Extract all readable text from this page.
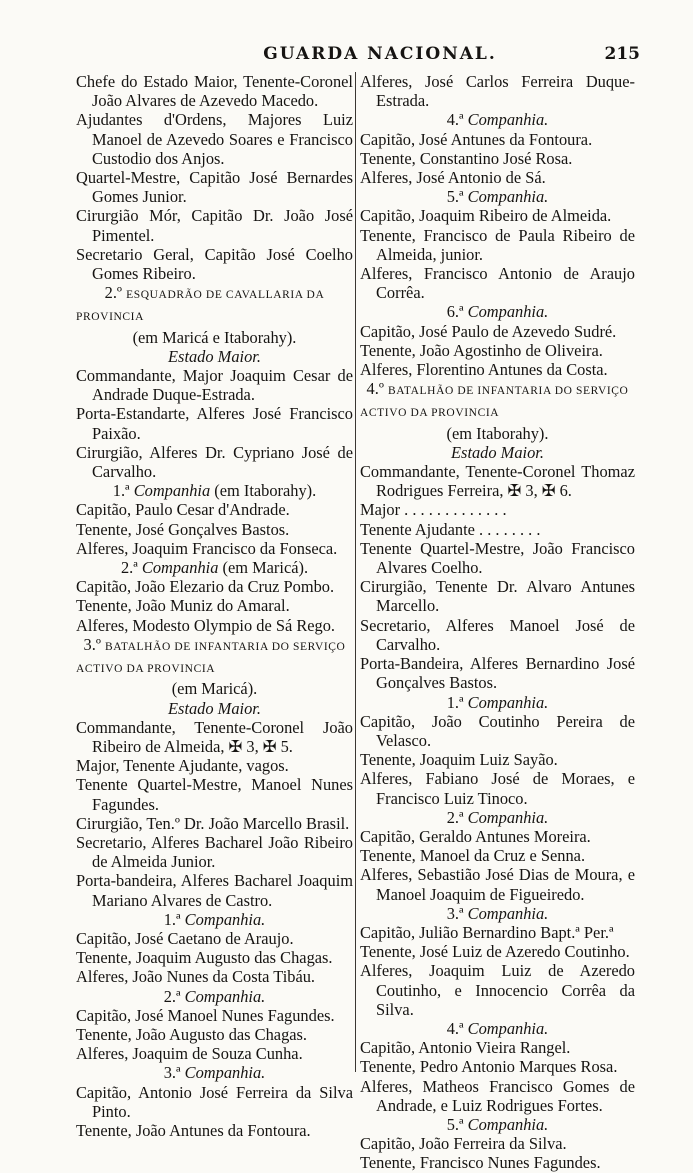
GUARDA NACIONAL.	215
Chefe do Estado Maior, Tenente-Coronel João Alvares de Azevedo Macedo.
Ajudantes d'Ordens, Majores Luiz Manoel de Azevedo Soares e Francisco Custodio dos Anjos.
Quartel-Mestre, Capitão José Bernardes Gomes Junior.
Cirurgião Mór, Capitão Dr. João José Pimentel.
Secretario Geral, Capitão José Coelho Gomes Ribeiro.
2.º ESQUADRÃO DE CAVALLARIA DA PROVINCIA
(em Maricá e Itaborahy).
Estado Maior.
Commandante, Major Joaquim Cesar de Andrade Duque-Estrada.
Porta-Estandarte, Alferes José Francisco Paixão.
Cirurgião, Alferes Dr. Cypriano José de Carvalho.
1.ª Companhia (em Itaborahy).
Capitão, Paulo Cesar d'Andrade.
Tenente, José Gonçalves Bastos.
Alferes, Joaquim Francisco da Fonseca.
2.ª Companhia (em Maricá).
Capitão, João Elezario da Cruz Pombo.
Tenente, João Muniz do Amaral.
Alferes, Modesto Olympio de Sá Rego.
3.º BATALHÃO DE INFANTARIA DO SERVIÇO ACTIVO DA PROVINCIA
(em Maricá).
Estado Maior.
Commandante, Tenente-Coronel João Ribeiro de Almeida, ✠ 3, ✠ 5.
Major, Tenente Ajudante, vagos.
Tenente Quartel-Mestre, Manoel Nunes Fagundes.
Cirurgião, Ten.º Dr. João Marcello Brasil.
Secretario, Alferes Bacharel João Ribeiro de Almeida Junior.
Porta-bandeira, Alferes Bacharel Joaquim Mariano Alvares de Castro.
1.ª Companhia.
Capitão, José Caetano de Araujo.
Tenente, Joaquim Augusto das Chagas.
Alferes, João Nunes da Costa Tibáu.
2.ª Companhia.
Capitão, José Manoel Nunes Fagundes.
Tenente, João Augusto das Chagas.
Alferes, Joaquim de Souza Cunha.
3.ª Companhia.
Capitão, Antonio José Ferreira da Silva Pinto.
Tenente, João Antunes da Fontoura.
Alferes, José Carlos Ferreira Duque-Estrada.
4.ª Companhia.
Capitão, José Antunes da Fontoura.
Tenente, Constantino José Rosa.
Alferes, José Antonio de Sá.
5.ª Companhia.
Capitão, Joaquim Ribeiro de Almeida.
Tenente, Francisco de Paula Ribeiro de Almeida, junior.
Alferes, Francisco Antonio de Araujo Corrêa.
6.ª Companhia.
Capitão, José Paulo de Azevedo Sudré.
Tenente, João Agostinho de Oliveira.
Alferes, Florentino Antunes da Costa.
4.º BATALHÃO DE INFANTARIA DO SERVIÇO ACTIVO DA PROVINCIA
(em Itaborahy).
Estado Maior.
Commandante, Tenente-Coronel Thomaz Rodrigues Ferreira, ✠ 3, ✠ 6.
Major . . . . . . . . . . . . .
Tenente Ajudante . . . . . . . .
Tenente Quartel-Mestre, João Francisco Alvares Coelho.
Cirurgião, Tenente Dr. Alvaro Antunes Marcello.
Secretario, Alferes Manoel José de Carvalho.
Porta-Bandeira, Alferes Bernardino José Gonçalves Bastos.
1.ª Companhia.
Capitão, João Coutinho Pereira de Velasco.
Tenente, Joaquim Luiz Sayão.
Alferes, Fabiano José de Moraes, e Francisco Luiz Tinoco.
2.ª Companhia.
Capitão, Geraldo Antunes Moreira.
Tenente, Manoel da Cruz e Senna.
Alferes, Sebastião José Dias de Moura, e Manoel Joaquim de Figueiredo.
3.ª Companhia.
Capitão, Julião Bernardino Bapt.ª Per.ª
Tenente, José Luiz de Azeredo Coutinho.
Alferes, Joaquim Luiz de Azeredo Coutinho, e Innocencio Corrêa da Silva.
4.ª Companhia.
Capitão, Antonio Vieira Rangel.
Tenente, Pedro Antonio Marques Rosa.
Alferes, Matheos Francisco Gomes de Andrade, e Luiz Rodrigues Fortes.
5.ª Companhia.
Capitão, João Ferreira da Silva.
Tenente, Francisco Nunes Fagundes.
